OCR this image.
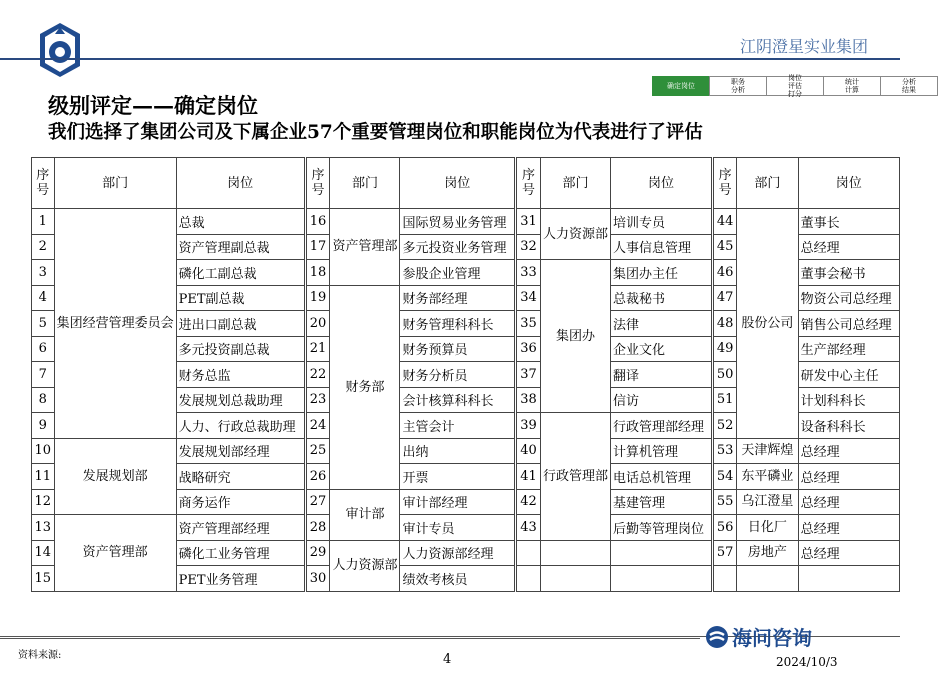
江阴澄星实业集团
确定岗位	职务
分析
岗位
评估
打分
统计
计算
分析
结果
级别评定——确定岗位
我们选择了集团公司及下属企业57个重要管理岗位和职能岗位为代表进行了评估
序
号	部门	岗位	序
号	部门	岗位	序
号	部门	岗位	序
号	部门	岗位
1	集团经营管理委员会	总裁	16	资产管理部	国际贸易业务管理	31	人力资源部	培训专员	44	股份公司	董事长
2		资产管理副总裁	17		多元投资业务管理	32		人事信息管理	45		总经理
3		磷化工副总裁	18		参股企业管理	33	集团办	集团办主任	46		董事会秘书
4		PET副总裁	19	财务部	财务部经理	34		总裁秘书	47		物资公司总经理
5		进出口副总裁	20		财务管理科科长	35		法律	48		销售公司总经理
6		多元投资副总裁	21		财务预算员	36		企业文化	49		生产部经理
7		财务总监	22		财务分析员	37		翻译	50		研发中心主任
8		发展规划总裁助理	23		会计核算科科长	38		信访	51		计划科科长
9		人力、行政总裁助理	24		主管会计	39	行政管理部	行政管理部经理	52		设备科科长
10	发展规划部	发展规划部经理	25		出纳	40		计算机管理	53	天津辉煌	总经理
11		战略研究	26		开票	41		电话总机管理	54	东平磷业	总经理
12		商务运作	27	审计部	审计部经理	42		基建管理	55	乌江澄星	总经理
13	资产管理部	资产管理部经理	28		审计专员	43		后勤等管理岗位	56	日化厂	总经理
14		磷化工业务管理	29	人力资源部	人力资源部经理				57	房地产	总经理
15		PET业务管理	30		绩效考核员						
资料来源:	4	2024/10/3
海问咨询
